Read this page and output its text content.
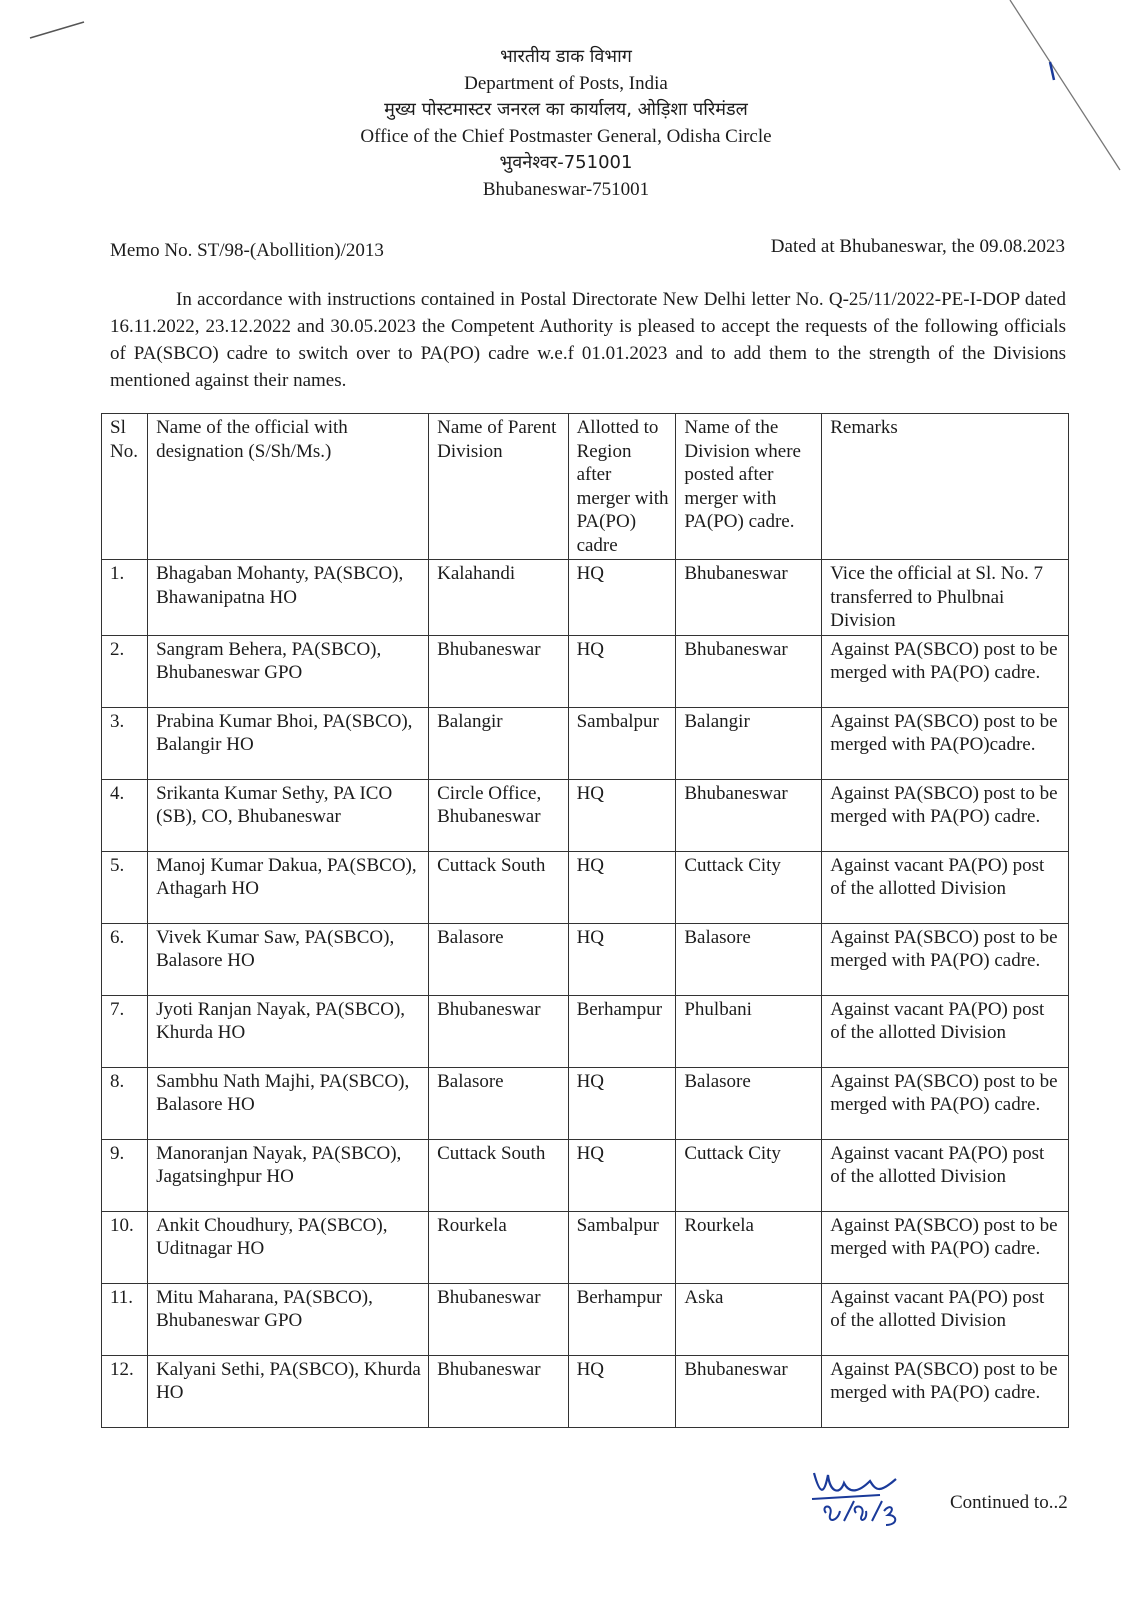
भारतीय डाक विभाग
Department of Posts, India
मुख्य पोस्टमास्टर जनरल का कार्यालय, ओड़िशा परिमंडल
Office of the Chief Postmaster General, Odisha Circle
भुवनेश्वर-751001
Bhubaneswar-751001
Memo No. ST/98-(Abollition)/2013	Dated at Bhubaneswar, the 09.08.2023
In accordance with instructions contained in Postal Directorate New Delhi letter No. Q-25/11/2022-PE-I-DOP dated 16.11.2022, 23.12.2022 and 30.05.2023 the Competent Authority is pleased to accept the requests of the following officials of PA(SBCO) cadre to switch over to PA(PO) cadre w.e.f 01.01.2023 and to add them to the strength of the Divisions mentioned against their names.
Sl No.	Name of the official with designation (S/Sh/Ms.)	Name of Parent Division	Allotted to Region after merger with PA(PO) cadre	Name of the Division where posted after merger with PA(PO) cadre.	Remarks
1.	Bhagaban Mohanty, PA(SBCO), Bhawanipatna HO	Kalahandi	HQ	Bhubaneswar	Vice the official at Sl. No. 7 transferred to Phulbnai Division
2.	Sangram Behera, PA(SBCO), Bhubaneswar GPO	Bhubaneswar	HQ	Bhubaneswar	Against PA(SBCO) post to be merged with PA(PO) cadre.
3.	Prabina Kumar Bhoi, PA(SBCO), Balangir HO	Balangir	Sambalpur	Balangir	Against PA(SBCO) post to be merged with PA(PO)cadre.
4.	Srikanta Kumar Sethy, PA ICO (SB), CO, Bhubaneswar	Circle Office, Bhubaneswar	HQ	Bhubaneswar	Against PA(SBCO) post to be merged with PA(PO) cadre.
5.	Manoj Kumar Dakua, PA(SBCO), Athagarh HO	Cuttack South	HQ	Cuttack City	Against vacant PA(PO) post of the allotted Division
6.	Vivek Kumar Saw, PA(SBCO), Balasore HO	Balasore	HQ	Balasore	Against PA(SBCO) post to be merged with PA(PO) cadre.
7.	Jyoti Ranjan Nayak, PA(SBCO), Khurda HO	Bhubaneswar	Berhampur	Phulbani	Against vacant PA(PO) post of the allotted Division
8.	Sambhu Nath Majhi, PA(SBCO), Balasore HO	Balasore	HQ	Balasore	Against PA(SBCO) post to be merged with PA(PO) cadre.
9.	Manoranjan Nayak, PA(SBCO), Jagatsinghpur HO	Cuttack South	HQ	Cuttack City	Against vacant PA(PO) post of the allotted Division
10.	Ankit Choudhury, PA(SBCO), Uditnagar HO	Rourkela	Sambalpur	Rourkela	Against PA(SBCO) post to be merged with PA(PO) cadre.
11.	Mitu Maharana, PA(SBCO), Bhubaneswar GPO	Bhubaneswar	Berhampur	Aska	Against vacant PA(PO) post of the allotted Division
12.	Kalyani Sethi, PA(SBCO), Khurda HO	Bhubaneswar	HQ	Bhubaneswar	Against PA(SBCO) post to be merged with PA(PO) cadre.
Continued to..2
